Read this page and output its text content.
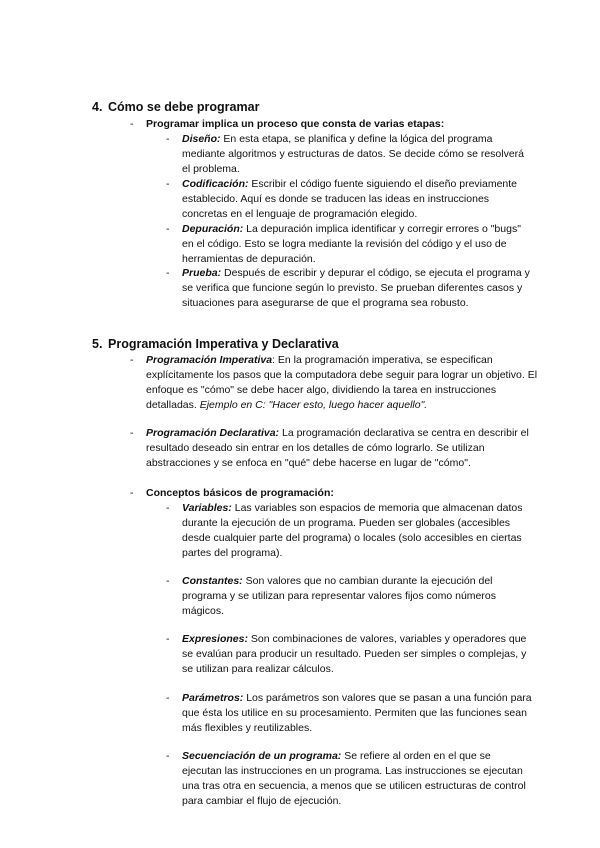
4. Cómo se debe programar
- Programar implica un proceso que consta de varias etapas:
- Diseño: En esta etapa, se planifica y define la lógica del programa mediante algoritmos y estructuras de datos. Se decide cómo se resolverá el problema.
- Codificación: Escribir el código fuente siguiendo el diseño previamente establecido. Aquí es donde se traducen las ideas en instrucciones concretas en el lenguaje de programación elegido.
- Depuración: La depuración implica identificar y corregir errores o "bugs" en el código. Esto se logra mediante la revisión del código y el uso de herramientas de depuración.
- Prueba: Después de escribir y depurar el código, se ejecuta el programa y se verifica que funcione según lo previsto. Se prueban diferentes casos y situaciones para asegurarse de que el programa sea robusto.
5. Programación Imperativa y Declarativa
- Programación Imperativa: En la programación imperativa, se especifican explícitamente los pasos que la computadora debe seguir para lograr un objetivo. El enfoque es "cómo" se debe hacer algo, dividiendo la tarea en instrucciones detalladas. Ejemplo en C: "Hacer esto, luego hacer aquello".
- Programación Declarativa: La programación declarativa se centra en describir el resultado deseado sin entrar en los detalles de cómo lograrlo. Se utilizan abstracciones y se enfoca en "qué" debe hacerse en lugar de "cómo".
- Conceptos básicos de programación:
- Variables: Las variables son espacios de memoria que almacenan datos durante la ejecución de un programa. Pueden ser globales (accesibles desde cualquier parte del programa) o locales (solo accesibles en ciertas partes del programa).
- Constantes: Son valores que no cambian durante la ejecución del programa y se utilizan para representar valores fijos como números mágicos.
- Expresiones: Son combinaciones de valores, variables y operadores que se evalúan para producir un resultado. Pueden ser simples o complejas, y se utilizan para realizar cálculos.
- Parámetros: Los parámetros son valores que se pasan a una función para que ésta los utilice en su procesamiento. Permiten que las funciones sean más flexibles y reutilizables.
- Secuenciación de un programa: Se refiere al orden en el que se ejecutan las instrucciones en un programa. Las instrucciones se ejecutan una tras otra en secuencia, a menos que se utilicen estructuras de control para cambiar el flujo de ejecución.
